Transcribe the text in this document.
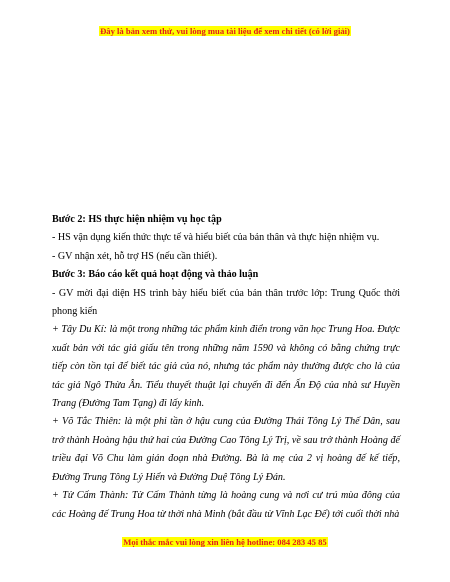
Đây là bản xem thử, vui lòng mua tài liệu để xem chi tiết (có lời giải)

Bước 2: HS thực hiện nhiệm vụ học tập

- HS vận dụng kiến thức thực tế và hiểu biết của bản thân và thực hiện nhiệm vụ.

- GV nhận xét, hỗ trợ HS (nếu cần thiết).

Bước 3: Báo cáo kết quả hoạt động và thảo luận

- GV mời đại diện HS trình bày hiểu biết của bản thân trước lớp: Trung Quốc thời phong kiến

+ Tây Du Kí: là một trong những tác phẩm kinh điển trong văn học Trung Hoa. Được xuất bản với tác giả giấu tên trong những năm 1590 và không có bằng chứng trực tiếp còn tồn tại để biết tác giả của nó, nhưng tác phẩm này thường được cho là của tác giả Ngô Thừa Ân. Tiểu thuyết thuật lại chuyến đi đến Ấn Độ của nhà sư Huyền Trang (Đường Tam Tạng) đi lấy kinh.

+ Võ Tắc Thiên: là một phi tần ở hậu cung của Đường Thái Tông Lý Thế Dân, sau trở thành Hoàng hậu thứ hai của Đường Cao Tông Lý Trị, về sau trở thành Hoàng đế triều đại Võ Chu làm gián đoạn nhà Đường. Bà là mẹ của 2 vị hoàng đế kế tiếp, Đường Trung Tông Lý Hiển và Đường Duệ Tông Lý Đán.

+ Tử Cấm Thành: Tử Cấm Thành từng là hoàng cung và nơi cư trú mùa đông của các Hoàng đế Trung Hoa từ thời nhà Minh (bắt đầu từ Vĩnh Lạc Đế) tới cuối thời nhà

Mọi thắc mắc vui lòng xin liên hệ hotline: 084 283 45 85
